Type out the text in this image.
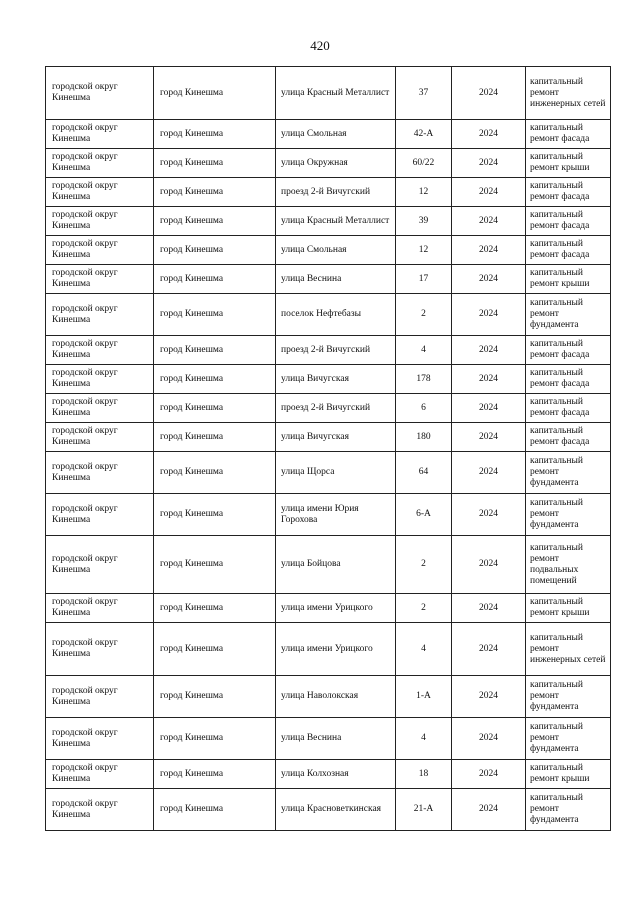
420
городской округ Кинешма	город Кинешма	улица Красный Металлист	37	2024	капитальный ремонт инженерных сетей
городской округ Кинешма	город Кинешма	улица Смольная	42-А	2024	капитальный ремонт фасада
городской округ Кинешма	город Кинешма	улица Окружная	60/22	2024	капитальный ремонт крыши
городской округ Кинешма	город Кинешма	проезд 2-й Вичугский	12	2024	капитальный ремонт фасада
городской округ Кинешма	город Кинешма	улица Красный Металлист	39	2024	капитальный ремонт фасада
городской округ Кинешма	город Кинешма	улица Смольная	12	2024	капитальный ремонт фасада
городской округ Кинешма	город Кинешма	улица Веснина	17	2024	капитальный ремонт крыши
городской округ Кинешма	город Кинешма	поселок Нефтебазы	2	2024	капитальный ремонт фундамента
городской округ Кинешма	город Кинешма	проезд 2-й Вичугский	4	2024	капитальный ремонт фасада
городской округ Кинешма	город Кинешма	улица Вичугская	178	2024	капитальный ремонт фасада
городской округ Кинешма	город Кинешма	проезд 2-й Вичугский	6	2024	капитальный ремонт фасада
городской округ Кинешма	город Кинешма	улица Вичугская	180	2024	капитальный ремонт фасада
городской округ Кинешма	город Кинешма	улица Щорса	64	2024	капитальный ремонт фундамента
городской округ Кинешма	город Кинешма	улица имени Юрия Горохова	6-А	2024	капитальный ремонт фундамента
городской округ Кинешма	город Кинешма	улица Бойцова	2	2024	капитальный ремонт подвальных помещений
городской округ Кинешма	город Кинешма	улица имени Урицкого	2	2024	капитальный ремонт крыши
городской округ Кинешма	город Кинешма	улица имени Урицкого	4	2024	капитальный ремонт инженерных сетей
городской округ Кинешма	город Кинешма	улица Наволокская	1-А	2024	капитальный ремонт фундамента
городской округ Кинешма	город Кинешма	улица Веснина	4	2024	капитальный ремонт фундамента
городской округ Кинешма	город Кинешма	улица Колхозная	18	2024	капитальный ремонт крыши
городской округ Кинешма	город Кинешма	улица Красноветкинская	21-А	2024	капитальный ремонт фундамента
